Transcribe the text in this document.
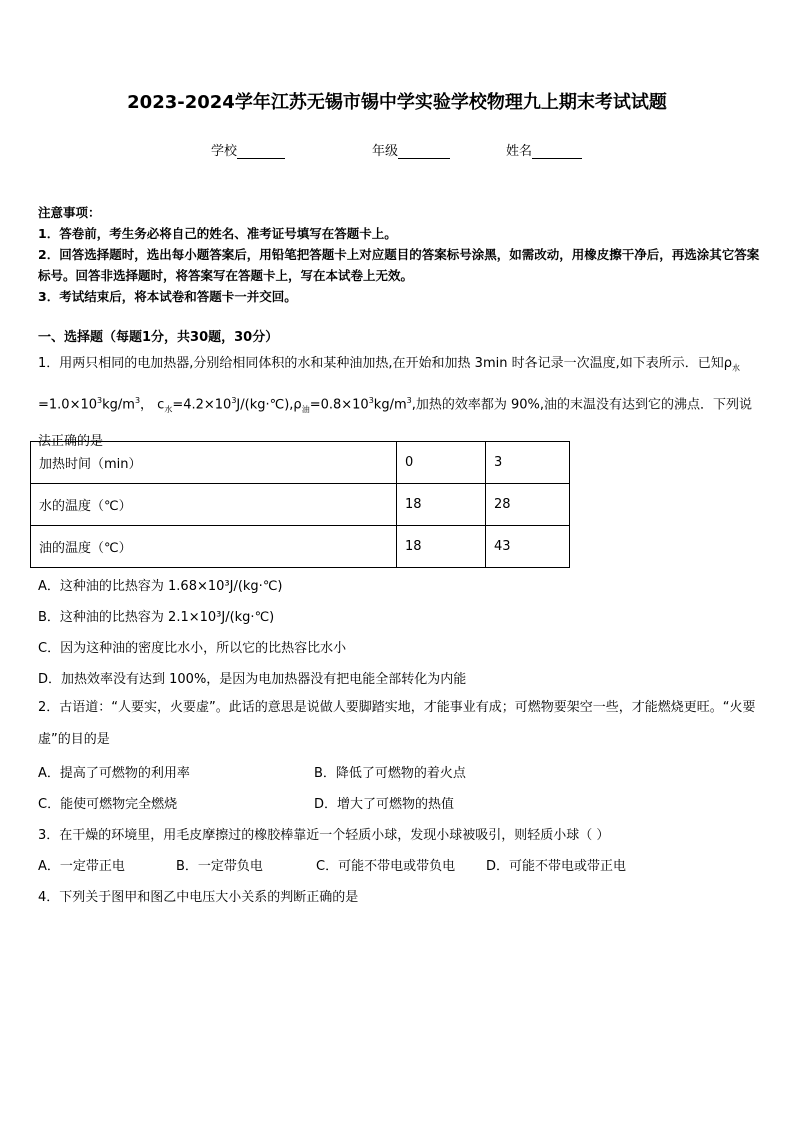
2023-2024学年江苏无锡市锡中学实验学校物理九上期末考试试题
学校	年级	姓名
注意事项：
1．答卷前，考生务必将自己的姓名、准考证号填写在答题卡上。
2．回答选择题时，选出每小题答案后，用铅笔把答题卡上对应题目的答案标号涂黑，如需改动，用橡皮擦干净后，再选涂其它答案标号。回答非选择题时，将答案写在答题卡上，写在本试卷上无效。
3．考试结束后，将本试卷和答题卡一并交回。
一、选择题（每题1分，共30题，30分）
1．用两只相同的电加热器,分别给相同体积的水和某种油加热,在开始和加热 3min 时各记录一次温度,如下表所示．已知$\rho_水=1.0\times 10^3kg/m^3$， $c_水=4.2\times 10^3J/(kg\cdot℃),\rho_油=0.8\times 10^3kg/m^3$,加热的效率都为 90%,油的末温没有达到它的沸点．下列说法正确的是
加热时间（min）	0	3
水的温度（℃）	18	28
油的温度（℃）	18	43
A．这种油的比热容为 1.68×10³J/(kg·℃)
B．这种油的比热容为 2.1×10³J/(kg·℃)
C．因为这种油的密度比水小，所以它的比热容比水小
D．加热效率没有达到 100%，是因为电加热器没有把电能全部转化为内能
2．古语道：“人要实，火要虚”。此话的意思是说做人要脚踏实地，才能事业有成；可燃物要架空一些，才能燃烧更旺。“火要虚”的目的是
A．提高了可燃物的利用率	B．降低了可燃物的着火点
C．能使可燃物完全燃烧	D．增大了可燃物的热值
3．在干燥的环境里，用毛皮摩擦过的橡胶棒靠近一个轻质小球，发现小球被吸引，则轻质小球（ ）
A．一定带正电	B．一定带负电	C．可能不带电或带负电 D．可能不带电或带正电
4．下列关于图甲和图乙中电压大小关系的判断正确的是
